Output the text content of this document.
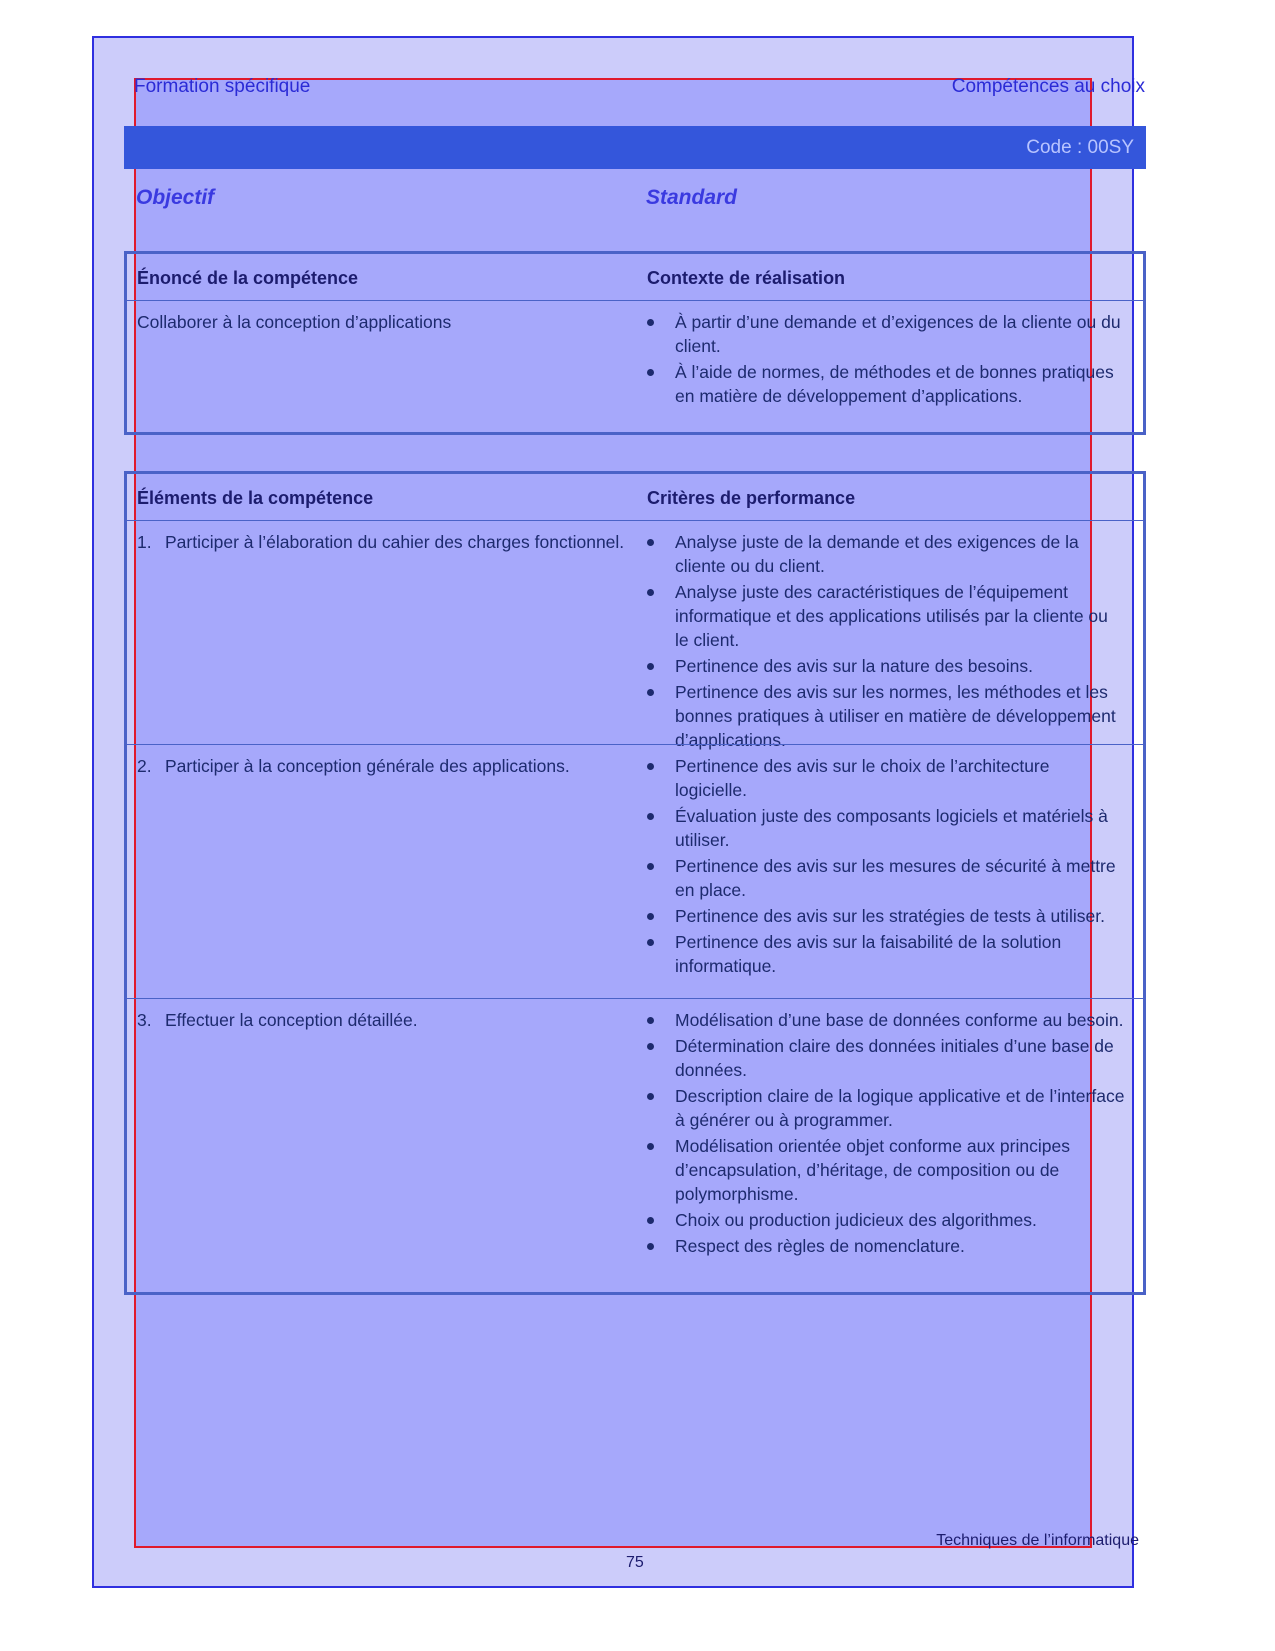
Formation spécifique	Compétences au choix
Code : 00SY
Objectif	Standard
Énoncé de la compétence	Contexte de réalisation
Collaborer à la conception d’applications	À partir d’une demande et d’exigences de la cliente ou du client.
À l’aide de normes, de méthodes et de bonnes pratiques en matière de développement d’applications.
Éléments de la compétence	Critères de performance
1. Participer à l’élaboration du cahier des charges fonctionnel.	Analyse juste de la demande et des exigences de la cliente ou du client.
Analyse juste des caractéristiques de l’équipement informatique et des applications utilisés par la cliente ou le client.
Pertinence des avis sur la nature des besoins.
Pertinence des avis sur les normes, les méthodes et les bonnes pratiques à utiliser en matière de développement d’applications.
2. Participer à la conception générale des applications.	Pertinence des avis sur le choix de l’architecture logicielle.
Évaluation juste des composants logiciels et matériels à utiliser.
Pertinence des avis sur les mesures de sécurité à mettre en place.
Pertinence des avis sur les stratégies de tests à utiliser.
Pertinence des avis sur la faisabilité de la solution informatique.
3. Effectuer la conception détaillée.	Modélisation d’une base de données conforme au besoin.
Détermination claire des données initiales d’une base de données.
Description claire de la logique applicative et de l’interface à générer ou à programmer.
Modélisation orientée objet conforme aux principes d’encapsulation, d’héritage, de composition ou de polymorphisme.
Choix ou production judicieux des algorithmes.
Respect des règles de nomenclature.
Techniques de l’informatique
75
